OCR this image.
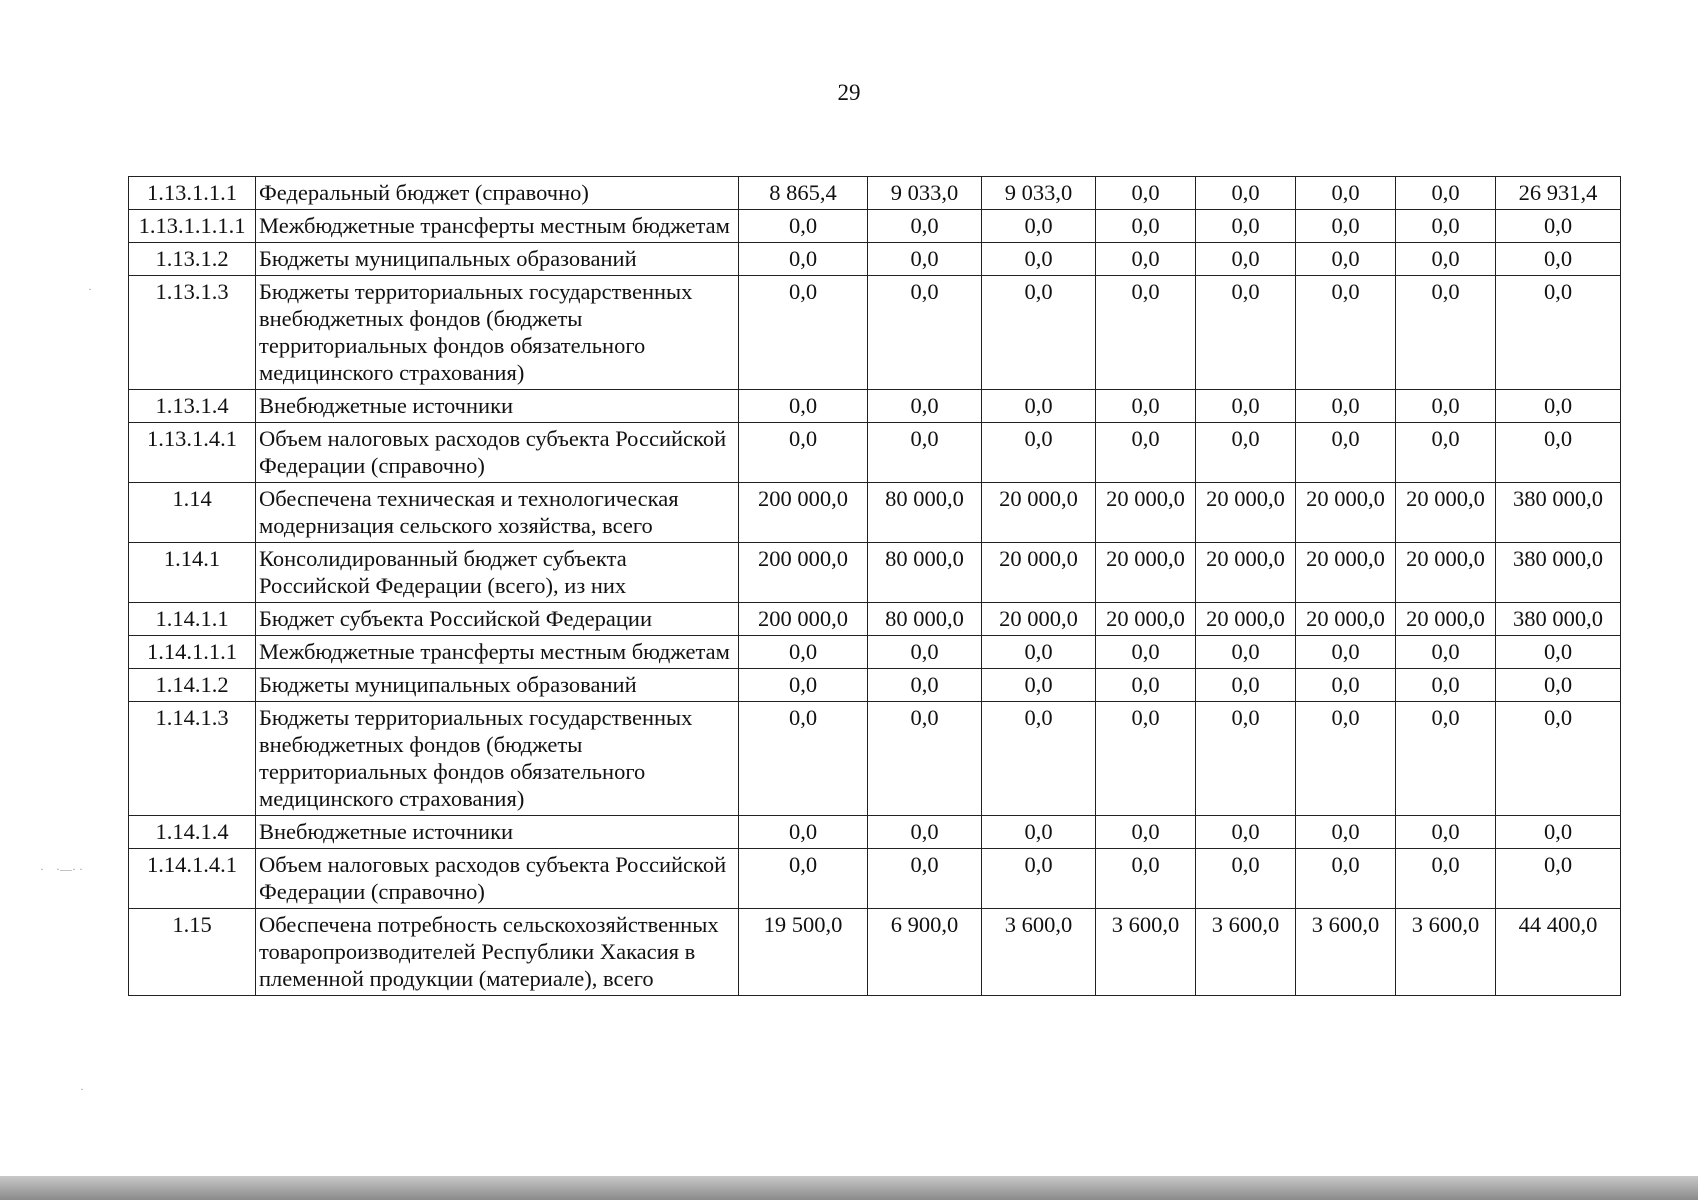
29
1.13.1.1.1	Федеральный бюджет (справочно)	8 865,4	9 033,0	9 033,0	0,0	0,0	0,0	0,0	26 931,4
1.13.1.1.1.1	Межбюджетные трансферты местным бюджетам	0,0	0,0	0,0	0,0	0,0	0,0	0,0	0,0
1.13.1.2	Бюджеты муниципальных образований	0,0	0,0	0,0	0,0	0,0	0,0	0,0	0,0
1.13.1.3	Бюджеты территориальных государственных внебюджетных фондов (бюджеты территориальных фондов обязательного медицинского страхования)	0,0	0,0	0,0	0,0	0,0	0,0	0,0	0,0
1.13.1.4	Внебюджетные источники	0,0	0,0	0,0	0,0	0,0	0,0	0,0	0,0
1.13.1.4.1	Объем налоговых расходов субъекта Российской Федерации (справочно)	0,0	0,0	0,0	0,0	0,0	0,0	0,0	0,0
1.14	Обеспечена техническая и технологическая модернизация сельского хозяйства, всего	200 000,0	80 000,0	20 000,0	20 000,0	20 000,0	20 000,0	20 000,0	380 000,0
1.14.1	Консолидированный бюджет субъекта Российской Федерации (всего), из них	200 000,0	80 000,0	20 000,0	20 000,0	20 000,0	20 000,0	20 000,0	380 000,0
1.14.1.1	Бюджет субъекта Российской Федерации	200 000,0	80 000,0	20 000,0	20 000,0	20 000,0	20 000,0	20 000,0	380 000,0
1.14.1.1.1	Межбюджетные трансферты местным бюджетам	0,0	0,0	0,0	0,0	0,0	0,0	0,0	0,0
1.14.1.2	Бюджеты муниципальных образований	0,0	0,0	0,0	0,0	0,0	0,0	0,0	0,0
1.14.1.3	Бюджеты территориальных государственных внебюджетных фондов (бюджеты территориальных фондов обязательного медицинского страхования)	0,0	0,0	0,0	0,0	0,0	0,0	0,0	0,0
1.14.1.4	Внебюджетные источники	0,0	0,0	0,0	0,0	0,0	0,0	0,0	0,0
1.14.1.4.1	Объем налоговых расходов субъекта Российской Федерации (справочно)	0,0	0,0	0,0	0,0	0,0	0,0	0,0	0,0
1.15	Обеспечена потребность сельскохозяйственных товаропроизводителей Республики Хакасия в племенной продукции (материале), всего	19 500,0	6 900,0	3 600,0	3 600,0	3 600,0	3 600,0	3 600,0	44 400,0
·
·    ·—· ·
·
